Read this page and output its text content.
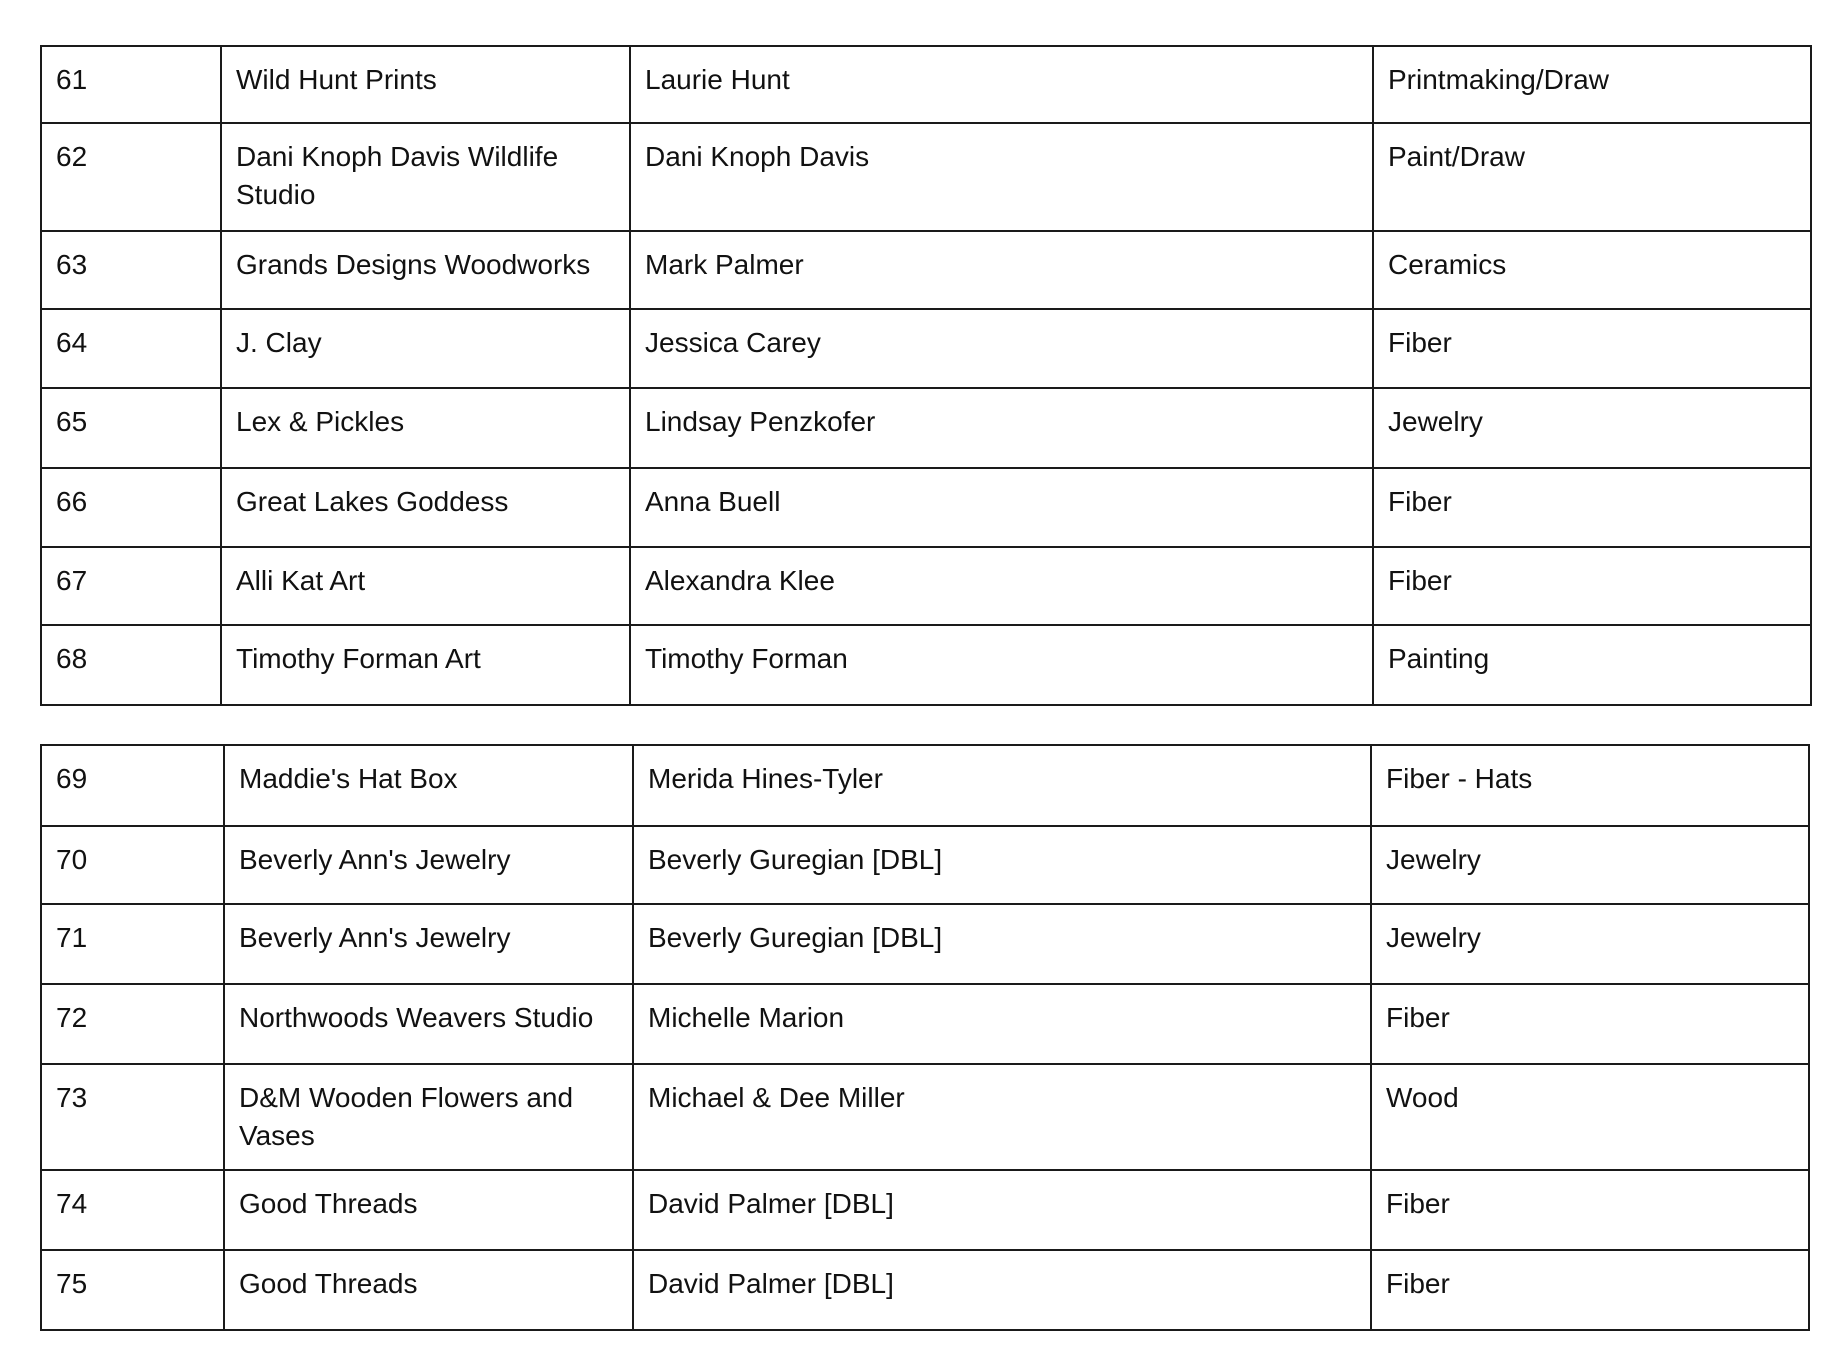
61	Wild Hunt Prints	Laurie Hunt	Printmaking/Draw
62	Dani Knoph Davis Wildlife Studio	Dani Knoph Davis	Paint/Draw
63	Grands Designs Woodworks	Mark Palmer	Ceramics
64	J. Clay	Jessica Carey	Fiber
65	Lex & Pickles	Lindsay Penzkofer	Jewelry
66	Great Lakes Goddess	Anna Buell	Fiber
67	Alli Kat Art	Alexandra Klee	Fiber
68	Timothy Forman Art	Timothy Forman	Painting
69	Maddie's Hat Box	Merida Hines-Tyler	Fiber - Hats
70	Beverly Ann's Jewelry	Beverly Guregian [DBL]	Jewelry
71	Beverly Ann's Jewelry	Beverly Guregian [DBL]	Jewelry
72	Northwoods Weavers Studio	Michelle Marion	Fiber
73	D&M Wooden Flowers and Vases	Michael & Dee Miller	Wood
74	Good Threads	David Palmer [DBL]	Fiber
75	Good Threads	David Palmer [DBL]	Fiber
